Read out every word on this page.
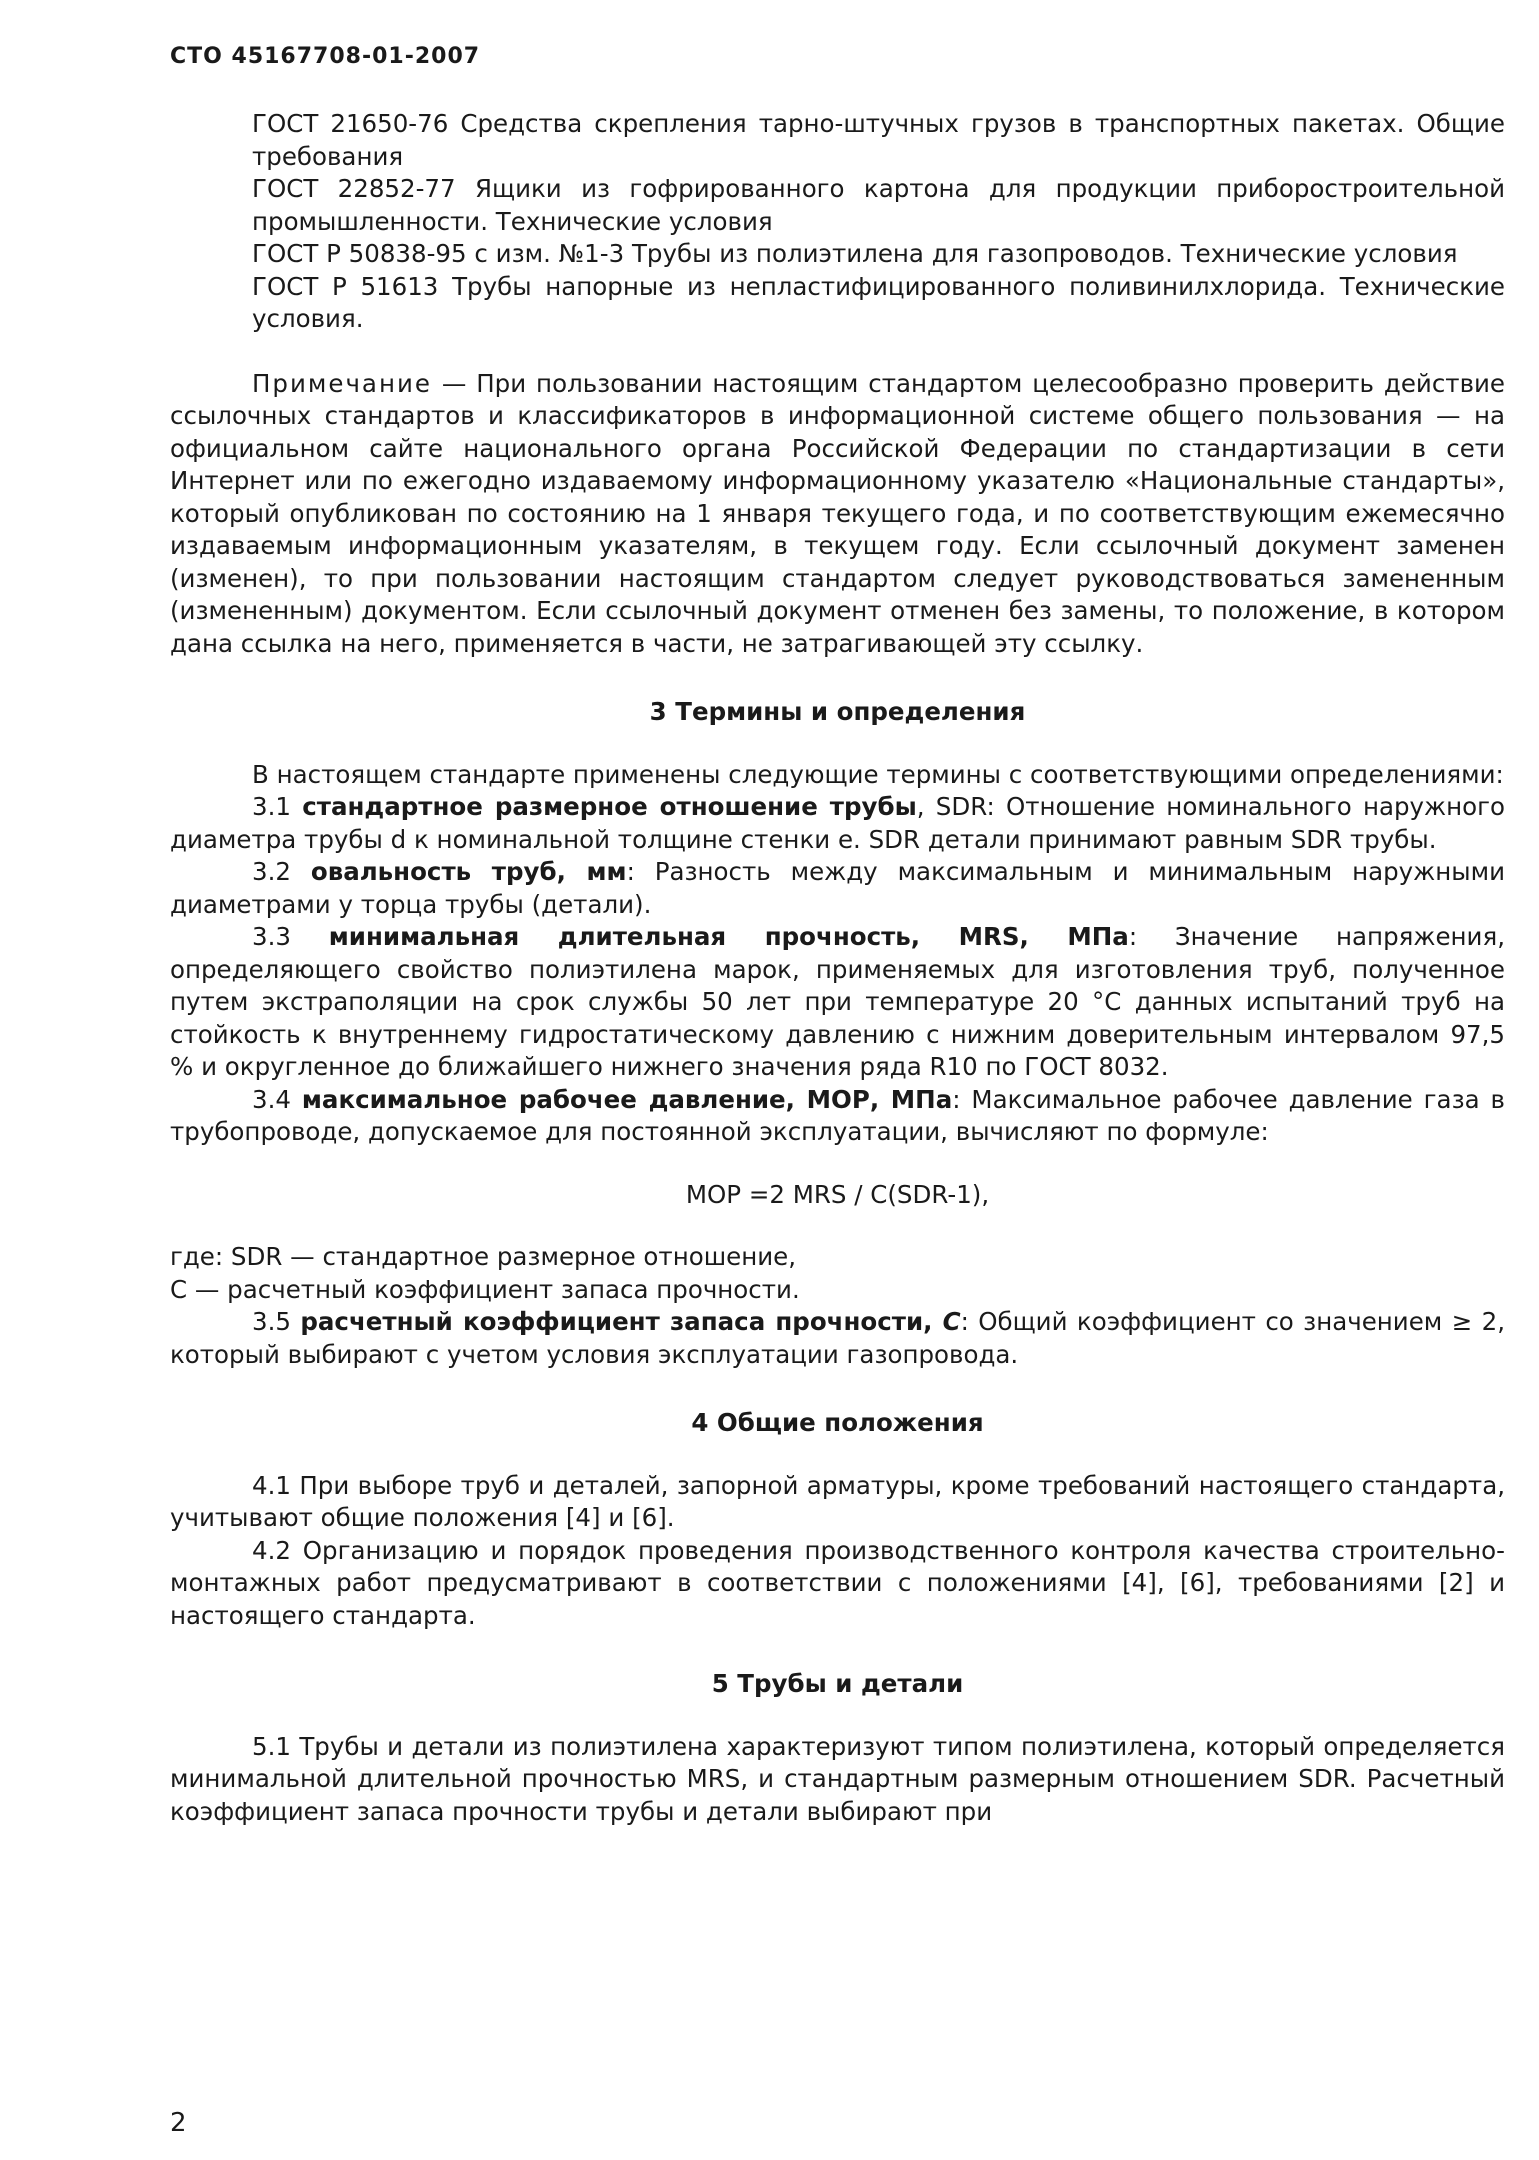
СТО 45167708-01-2007

ГОСТ 21650-76 Средства скрепления тарно-штучных грузов в транспортных пакетах. Общие требования

ГОСТ 22852-77 Ящики из гофрированного картона для продукции приборостроительной промышленности. Технические условия

ГОСТ Р 50838-95 с изм. №1-3 Трубы из полиэтилена для газопроводов. Технические условия

ГОСТ Р 51613 Трубы напорные из непластифицированного поливинилхлорида. Технические условия.

Примечание — При пользовании настоящим стандартом целесообразно проверить действие ссылочных стандартов и классификаторов в информационной системе общего пользования — на официальном сайте национального органа Российской Федерации по стандартизации в сети Интернет или по ежегодно издаваемому информационному указателю «Национальные стандарты», который опубликован по состоянию на 1 января текущего года, и по соответствующим ежемесячно издаваемым информационным указателям, в текущем году. Если ссылочный документ заменен (изменен), то при пользовании настоящим стандартом следует руководствоваться замененным (измененным) документом. Если ссылочный документ отменен без замены, то положение, в котором дана ссылка на него, применяется в части, не затрагивающей эту ссылку.

3 Термины и определения

В настоящем стандарте применены следующие термины с соответствующими определениями:

3.1 стандартное размерное отношение трубы, SDR: Отношение номинального наружного диаметра трубы d к номинальной толщине стенки e. SDR детали принимают равным SDR трубы.

3.2 овальность труб, мм: Разность между максимальным и минимальным наружными диаметрами у торца трубы (детали).

3.3 минимальная длительная прочность, MRS, МПа: Значение напряжения, определяющего свойство полиэтилена марок, применяемых для изготовления труб, полученное путем экстраполяции на срок службы 50 лет при температуре 20 °С данных испытаний труб на стойкость к внутреннему гидростатическому давлению с нижним доверительным интервалом 97,5 % и округленное до ближайшего нижнего значения ряда R10 по ГОСТ 8032.

3.4 максимальное рабочее давление, МОР, МПа: Максимальное рабочее давление газа в трубопроводе, допускаемое для постоянной эксплуатации, вычисляют по формуле:

МОР =2 MRS / C(SDR-1),

где: SDR — стандартное размерное отношение,

С — расчетный коэффициент запаса прочности.

3.5 расчетный коэффициент запаса прочности, С: Общий коэффициент со значением ≥ 2, который выбирают с учетом условия эксплуатации газопровода.

4 Общие положения

4.1 При выборе труб и деталей, запорной арматуры, кроме требований настоящего стандарта, учитывают общие положения [4] и [6].

4.2 Организацию и порядок проведения производственного контроля качества строительно-монтажных работ предусматривают в соответствии с положениями [4], [6], требованиями [2] и настоящего стандарта.

5 Трубы и детали

5.1 Трубы и детали из полиэтилена характеризуют типом полиэтилена, который определяется минимальной длительной прочностью MRS, и стандартным размерным отношением SDR. Расчетный коэффициент запаса прочности трубы и детали выбирают при

2
